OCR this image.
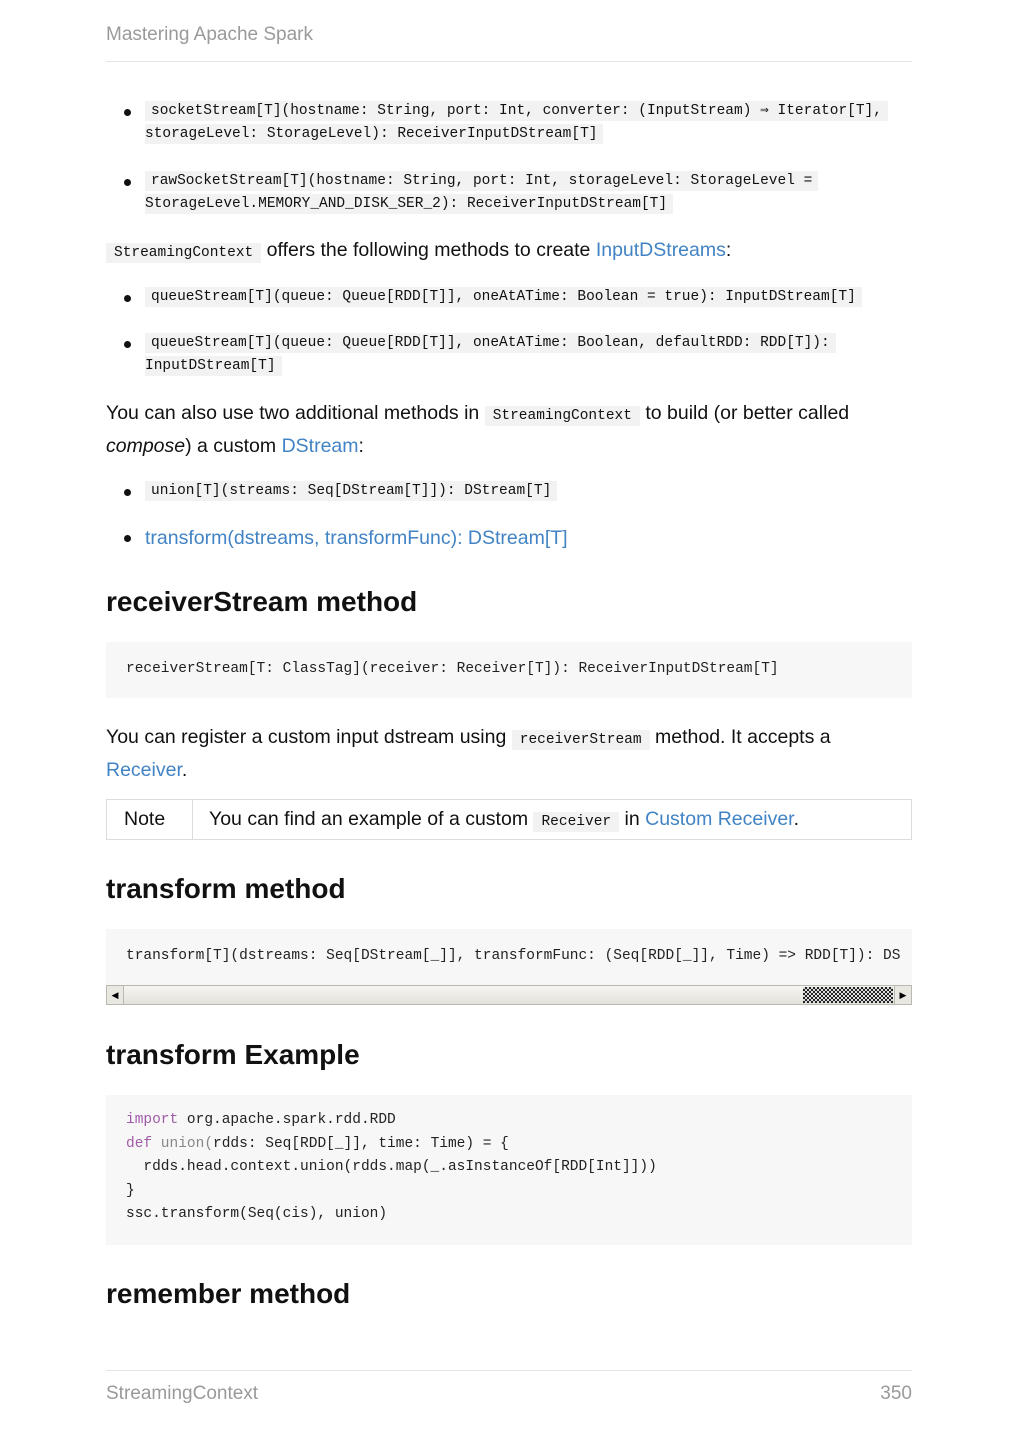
Mastering Apache Spark
socketStream[T](hostname: String, port: Int, converter: (InputStream) ⇒ Iterator[T],
storageLevel: StorageLevel): ReceiverInputDStream[T]
rawSocketStream[T](hostname: String, port: Int, storageLevel: StorageLevel =
StorageLevel.MEMORY_AND_DISK_SER_2): ReceiverInputDStream[T]
StreamingContext offers the following methods to create InputDStreams:
queueStream[T](queue: Queue[RDD[T]], oneAtATime: Boolean = true): InputDStream[T]
queueStream[T](queue: Queue[RDD[T]], oneAtATime: Boolean, defaultRDD: RDD[T]):
InputDStream[T]
You can also use two additional methods in StreamingContext to build (or better called
compose) a custom DStream:
union[T](streams: Seq[DStream[T]]): DStream[T]
transform(dstreams, transformFunc): DStream[T]
receiverStream method
receiverStream[T: ClassTag](receiver: Receiver[T]): ReceiverInputDStream[T]
You can register a custom input dstream using receiverStream method. It accepts a
Receiver.
Note	You can find an example of a custom Receiver in Custom Receiver.
transform method
transform[T](dstreams: Seq[DStream[_]], transformFunc: (Seq[RDD[_]], Time) => RDD[T]): DS
◀	▶
transform Example
import org.apache.spark.rdd.RDD
def union(rdds: Seq[RDD[_]], time: Time) = {
rdds.head.context.union(rdds.map(_.asInstanceOf[RDD[Int]]))
}
ssc.transform(Seq(cis), union)
remember method
StreamingContext	350
